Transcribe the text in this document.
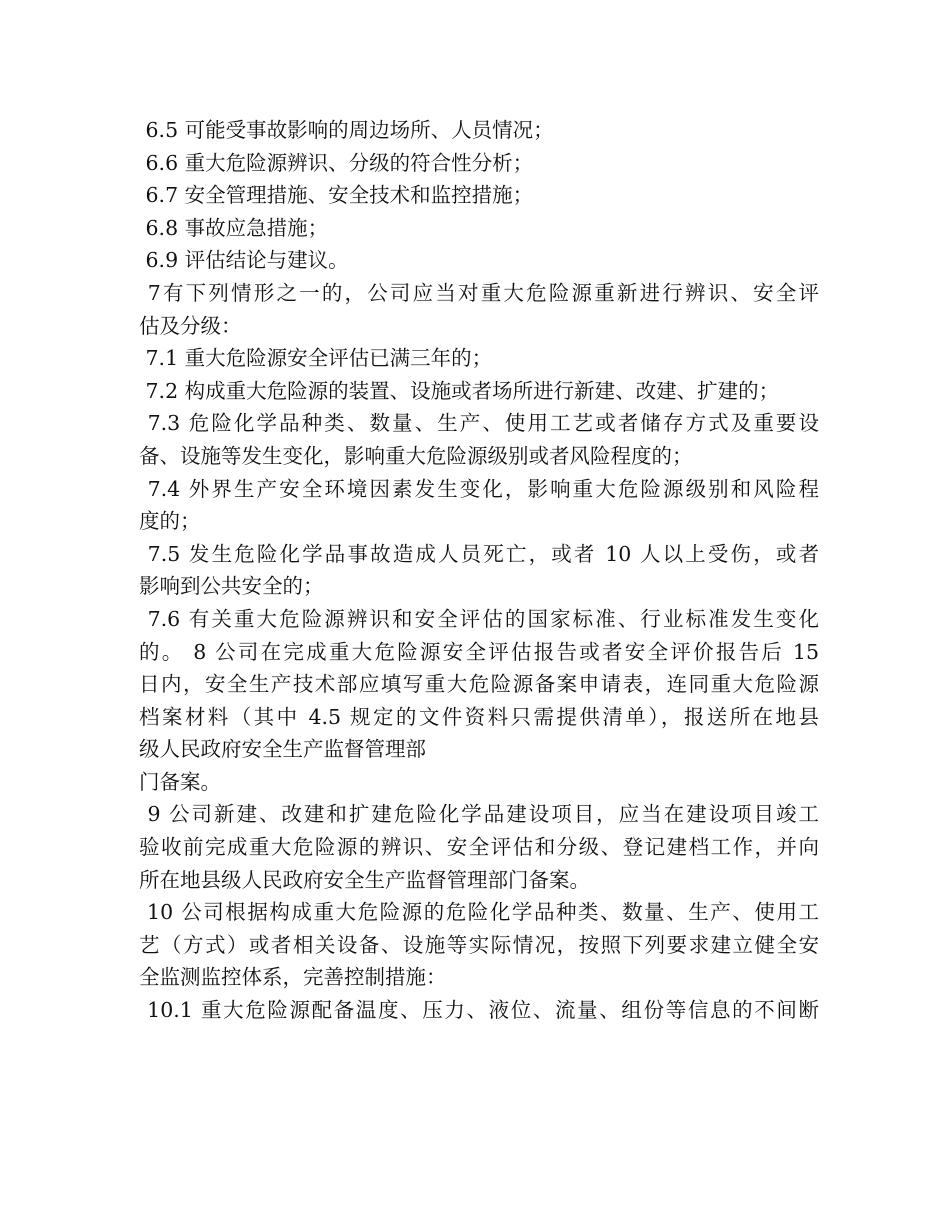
6.5 可能受事故影响的周边场所、人员情况；
6.6 重大危险源辨识、分级的符合性分析；
6.7 安全管理措施、安全技术和监控措施；
6.8 事故应急措施；
6.9 评估结论与建议。
7有下列情形之一的，公司应当对重大危险源重新进行辨识、安全评
估及分级：
7.1 重大危险源安全评估已满三年的；
7.2 构成重大危险源的装置、设施或者场所进行新建、改建、扩建的；
7.3 危险化学品种类、数量、生产、使用工艺或者储存方式及重要设
备、设施等发生变化，影响重大危险源级别或者风险程度的；
7.4 外界生产安全环境因素发生变化，影响重大危险源级别和风险程
度的；
7.5 发生危险化学品事故造成人员死亡，或者 10 人以上受伤，或者
影响到公共安全的；
7.6 有关重大危险源辨识和安全评估的国家标准、行业标准发生变化
的。 8 公司在完成重大危险源安全评估报告或者安全评价报告后 15
日内，安全生产技术部应填写重大危险源备案申请表，连同重大危险源
档案材料（其中 4.5 规定的文件资料只需提供清单），报送所在地县
级人民政府安全生产监督管理部
门备案。
9 公司新建、改建和扩建危险化学品建设项目，应当在建设项目竣工
验收前完成重大危险源的辨识、安全评估和分级、登记建档工作，并向
所在地县级人民政府安全生产监督管理部门备案。
10 公司根据构成重大危险源的危险化学品种类、数量、生产、使用工
艺（方式）或者相关设备、设施等实际情况，按照下列要求建立健全安
全监测监控体系，完善控制措施：
10.1 重大危险源配备温度、压力、液位、流量、组份等信息的不间断
